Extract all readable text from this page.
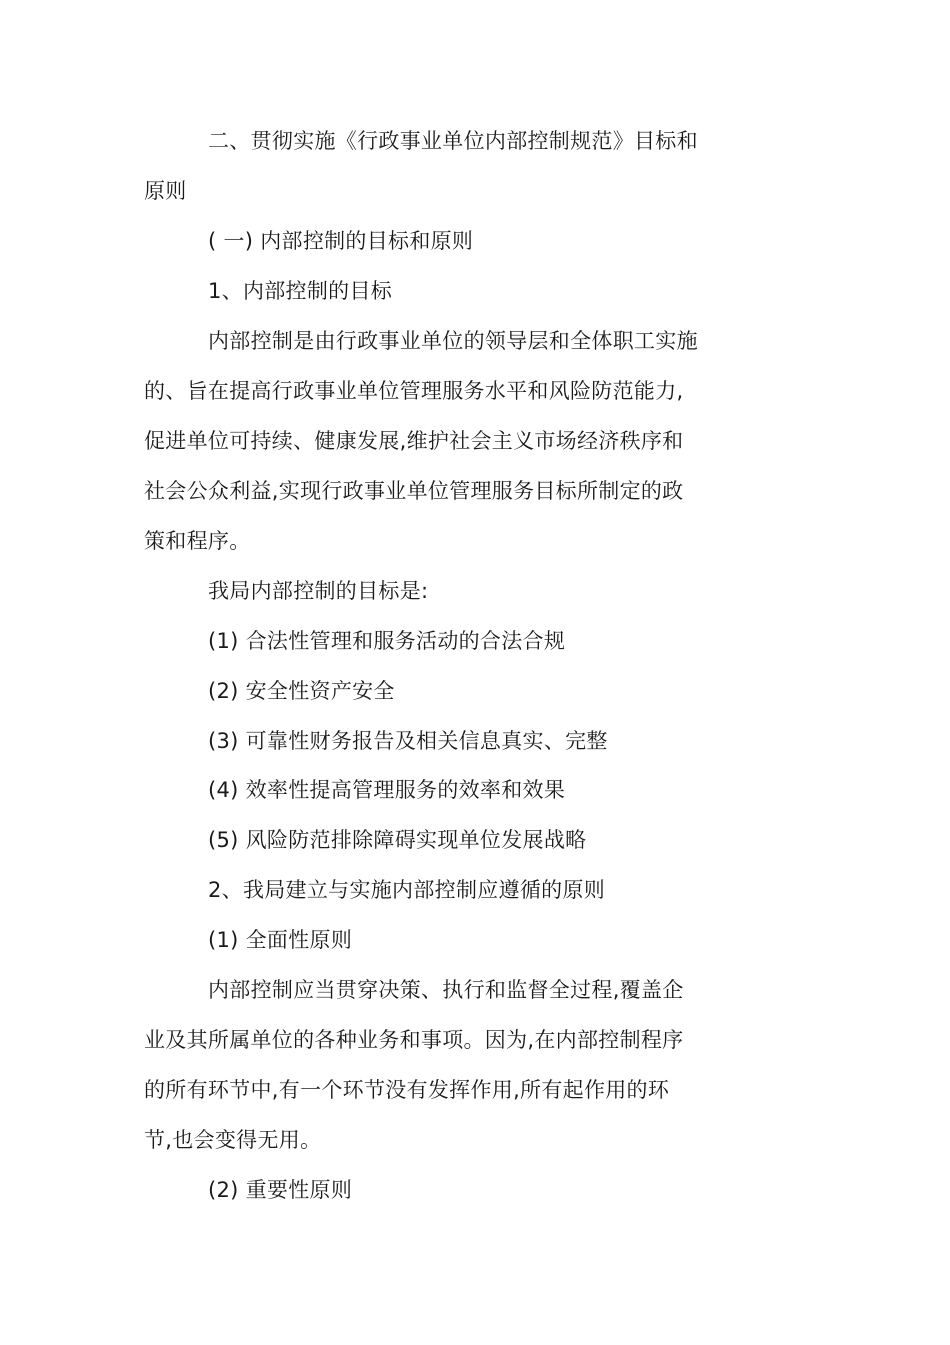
二、贯彻实施《行政事业单位内部控制规范》目标和
原则
( 一) 内部控制的目标和原则
1、内部控制的目标
内部控制是由行政事业单位的领导层和全体职工实施
的、旨在提高行政事业单位管理服务水平和风险防范能力,
促进单位可持续、健康发展,维护社会主义市场经济秩序和
社会公众利益,实现行政事业单位管理服务目标所制定的政
策和程序。
我局内部控制的目标是:
(1) 合法性管理和服务活动的合法合规
(2) 安全性资产安全
(3) 可靠性财务报告及相关信息真实、完整
(4) 效率性提高管理服务的效率和效果
(5) 风险防范排除障碍实现单位发展战略
2、我局建立与实施内部控制应遵循的原则
(1) 全面性原则
内部控制应当贯穿决策、执行和监督全过程,覆盖企
业及其所属单位的各种业务和事项。因为,在内部控制程序
的所有环节中,有一个环节没有发挥作用,所有起作用的环
节,也会变得无用。
(2) 重要性原则
